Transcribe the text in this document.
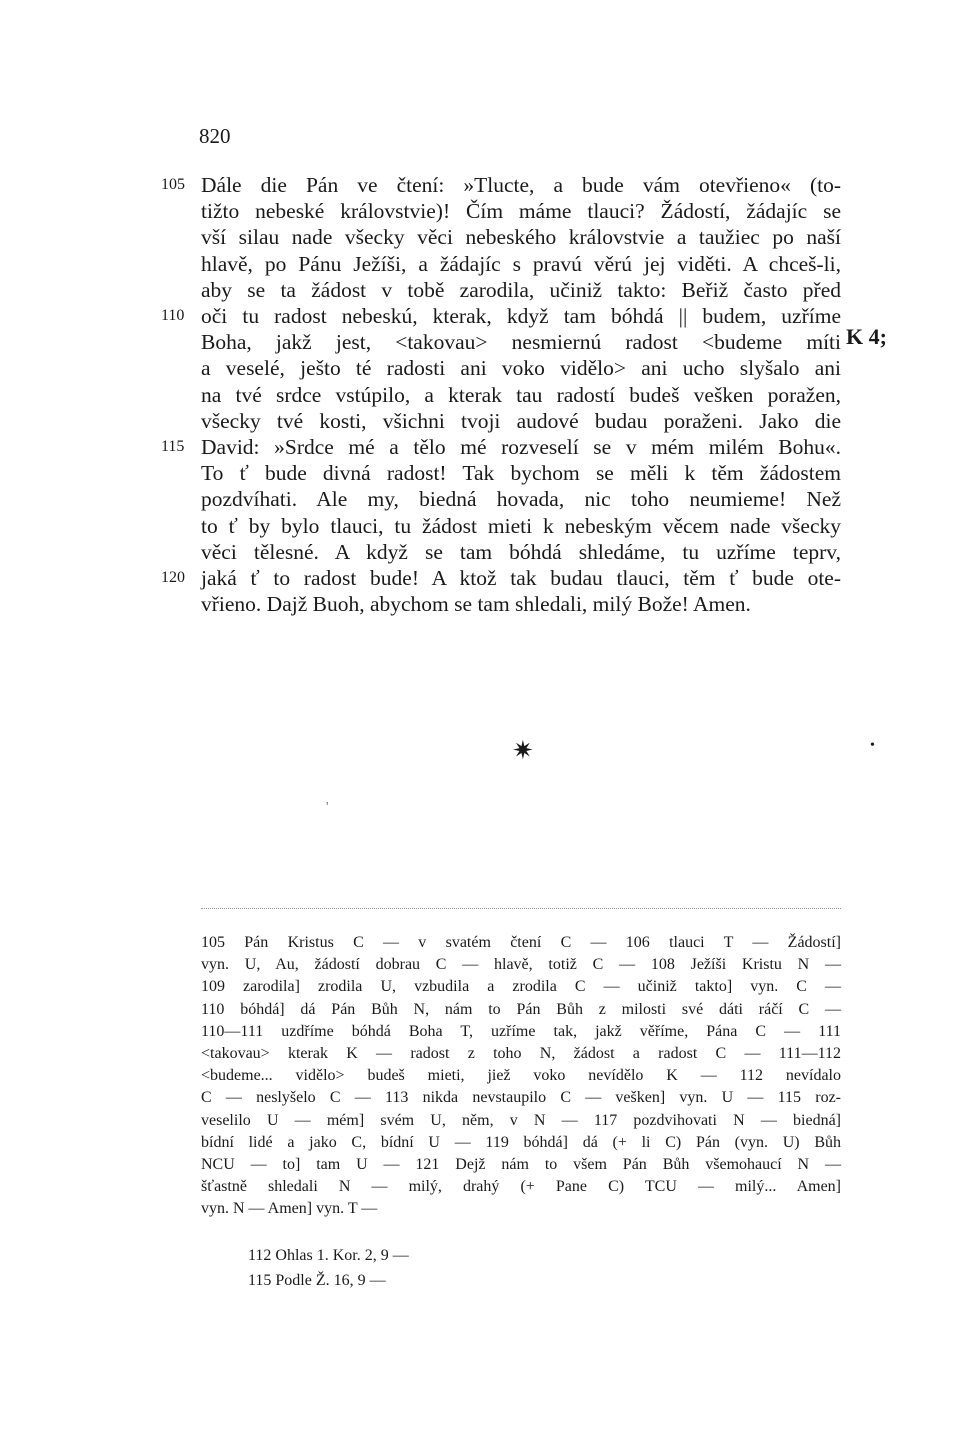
820
105 Dále die Pán ve čtení: »Tlucte, a bude vám otevřieno« (to-
tižto nebeské královstvie)! Čím máme tlauci? Žádostí, žádajíc se
vší silau nade všecky věci nebeského královstvie a taužiec po naší
hlavě, po Pánu Ježíši, a žádajíc s pravú věrú jej viděti. A chceš-li,
aby se ta žádost v tobě zarodila, učiniž takto: Beřiž často před
110 oči tu radost nebeskú, kterak, když tam bóhdá || budem, uzříme
Boha, jakž jest, <takovau> nesmiernú radost <budeme míti
a veselé, ješto té radosti ani voko vidělo> ani ucho slyšalo ani
na tvé srdce vstúpilo, a kterak tau radostí budeš vešken poražen,
všecky tvé kosti, všichni tvoji audové budau poraženi. Jako die
115 David: »Srdce mé a tělo mé rozveselí se v mém milém Bohu«.
To ť bude divná radost! Tak bychom se měli k těm žádostem
pozdvíhati. Ale my, biedná hovada, nic toho neumieme! Než
to ť by bylo tlauci, tu žádost mieti k nebeským věcem nade všecky
věci tělesné. A když se tam bóhdá shledáme, tu uzříme teprv,
120 jaká ť to radost bude! A ktož tak budau tlauci, těm ť bude ote-
vřieno. Dajž Buoh, abychom se tam shledali, milý Bože! Amen.
K 4;
✷	•
'
105 Pán Kristus C — v svatém čtení C — 106 tlauci T — Žádostí]
vyn. U, Au, žádostí dobrau C — hlavě, totiž C — 108 Ježíši Kristu N —
109 zarodila] zrodila U, vzbudila a zrodila C — učiniž takto] vyn. C —
110 bóhdá] dá Pán Bůh N, nám to Pán Bůh z milosti své dáti ráčí C —
110—111 uzdříme bóhdá Boha T, uzříme tak, jakž věříme, Pána C — 111
<takovau> kterak K — radost z toho N, žádost a radost C — 111—112
<budeme... vidělo> budeš mieti, jiež voko nevídělo K — 112 nevídalo
C — neslyšelo C — 113 nikda nevstaupilo C — vešken] vyn. U — 115 roz-
veselilo U — mém] svém U, něm, v N — 117 pozdvihovati N — biedná]
bídní lidé a jako C, bídní U — 119 bóhdá] dá (+ li C) Pán (vyn. U) Bůh
NCU — to] tam U — 121 Dejž nám to všem Pán Bůh všemohaucí N —
šťastně shledali N — milý, drahý (+ Pane C) TCU — milý... Amen]
vyn. N — Amen] vyn. T —
112 Ohlas 1. Kor. 2, 9 —
115 Podle Ž. 16, 9 —
